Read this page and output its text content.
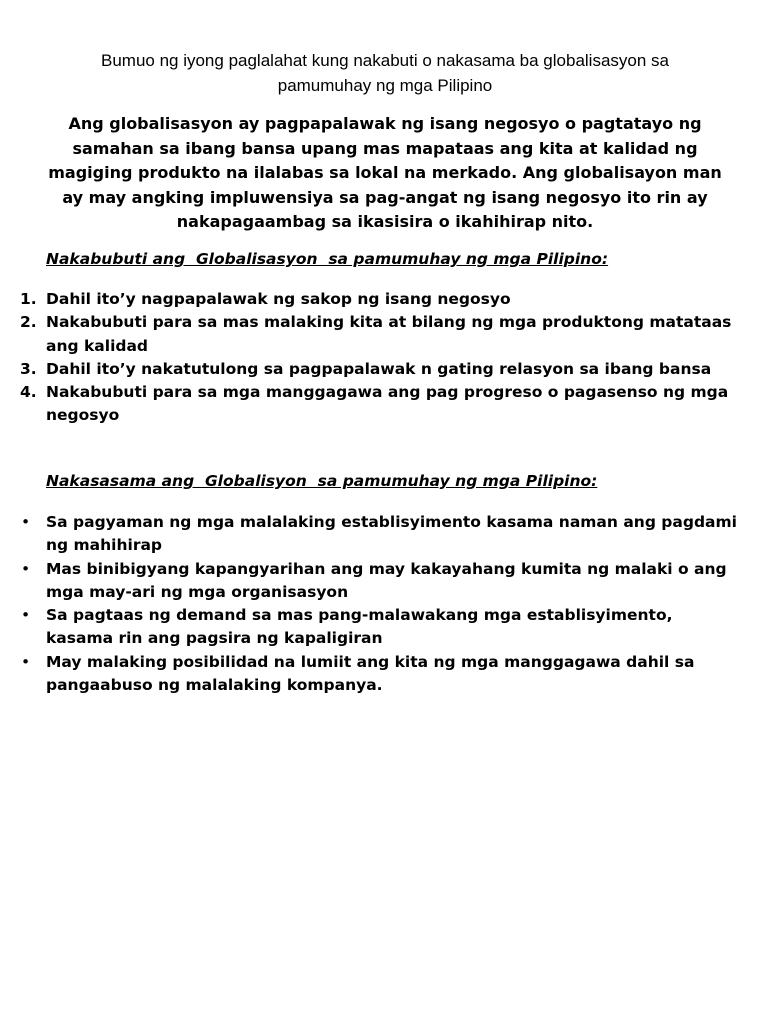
Bumuo ng iyong paglalahat kung nakabuti o nakasama ba globalisasyon sa pamumuhay ng mga Pilipino
Ang globalisasyon ay pagpapalawak ng isang negosyo o pagtatayo ng samahan sa ibang bansa upang mas mapataas ang kita at kalidad ng magiging produkto na ilalabas sa lokal na merkado. Ang globalisayon man ay may angking impluwensiya sa pag-angat ng isang negosyo ito rin ay nakapagaambag sa ikasisira o ikahihirap nito.
Nakabubuti ang  Globalisasyon  sa pamumuhay ng mga Pilipino:
1. Dahil ito’y nagpapalawak ng sakop ng isang negosyo
2. Nakabubuti para sa mas malaking kita at bilang ng mga produktong matataas ang kalidad
3. Dahil ito’y nakatutulong sa pagpapalawak n gating relasyon sa ibang bansa
4. Nakabubuti para sa mga manggagawa ang pag progreso o pagasenso ng mga negosyo
Nakasasama ang  Globalisyon  sa pamumuhay ng mga Pilipino:
• Sa pagyaman ng mga malalaking establisyimento kasama naman ang pagdami ng mahihirap
• Mas binibigyang kapangyarihan ang may kakayahang kumita ng malaki o ang mga may-ari ng mga organisasyon
• Sa pagtaas ng demand sa mas pang-malawakang mga establisyimento, kasama rin ang pagsira ng kapaligiran
• May malaking posibilidad na lumiit ang kita ng mga manggagawa dahil sa pangaabuso ng malalaking kompanya.
